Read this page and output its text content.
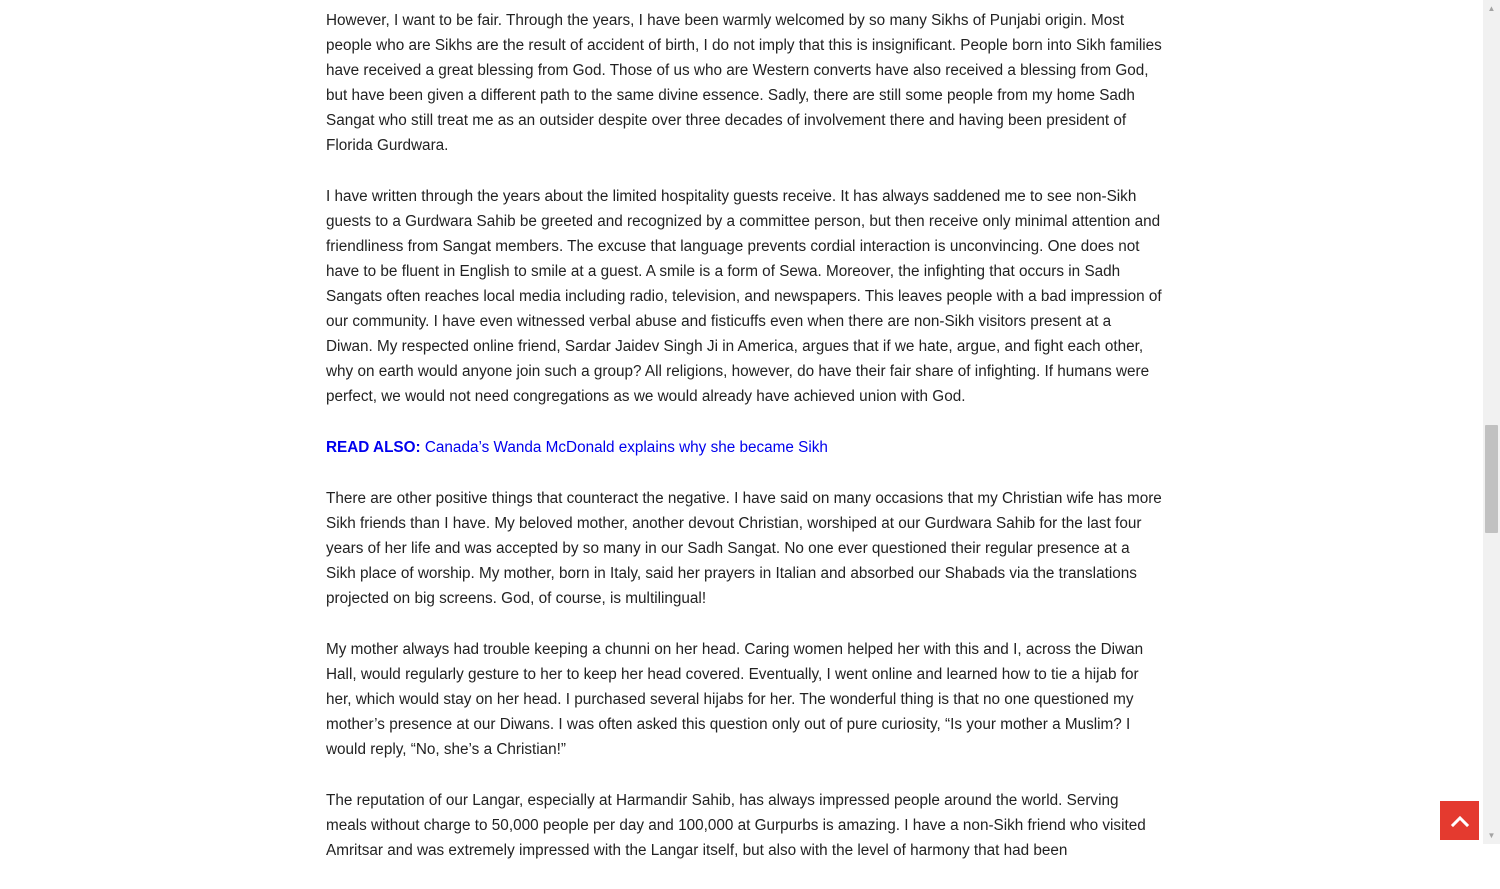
However, I want to be fair. Through the years, I have been warmly welcomed by so many Sikhs of Punjabi origin. Most people who are Sikhs are the result of accident of birth, I do not imply that this is insignificant. People born into Sikh families have received a great blessing from God. Those of us who are Western converts have also received a blessing from God, but have been given a different path to the same divine essence. Sadly, there are still some people from my home Sadh Sangat who still treat me as an outsider despite over three decades of involvement there and having been president of Florida Gurdwara.

I have written through the years about the limited hospitality guests receive. It has always saddened me to see non-Sikh guests to a Gurdwara Sahib be greeted and recognized by a committee person, but then receive only minimal attention and friendliness from Sangat members. The excuse that language prevents cordial interaction is unconvincing. One does not have to be fluent in English to smile at a guest. A smile is a form of Sewa. Moreover, the infighting that occurs in Sadh Sangats often reaches local media including radio, television, and newspapers. This leaves people with a bad impression of our community. I have even witnessed verbal abuse and fisticuffs even when there are non-Sikh visitors present at a Diwan. My respected online friend, Sardar Jaidev Singh Ji in America, argues that if we hate, argue, and fight each other, why on earth would anyone join such a group? All religions, however, do have their fair share of infighting. If humans were perfect, we would not need congregations as we would already have achieved union with God.

READ ALSO: Canada’s Wanda McDonald explains why she became Sikh

There are other positive things that counteract the negative. I have said on many occasions that my Christian wife has more Sikh friends than I have. My beloved mother, another devout Christian, worshiped at our Gurdwara Sahib for the last four years of her life and was accepted by so many in our Sadh Sangat. No one ever questioned their regular presence at a Sikh place of worship. My mother, born in Italy, said her prayers in Italian and absorbed our Shabads via the translations projected on big screens. God, of course, is multilingual!

My mother always had trouble keeping a chunni on her head. Caring women helped her with this and I, across the Diwan Hall, would regularly gesture to her to keep her head covered. Eventually, I went online and learned how to tie a hijab for her, which would stay on her head. I purchased several hijabs for her. The wonderful thing is that no one questioned my mother’s presence at our Diwans. I was often asked this question only out of pure curiosity, “Is your mother a Muslim? I would reply, “No, she’s a Christian!”

The reputation of our Langar, especially at Harmandir Sahib, has always impressed people around the world. Serving meals without charge to 50,000 people per day and 100,000 at Gurpurbs is amazing. I have a non-Sikh friend who visited Amritsar and was extremely impressed with the Langar itself, but also with the level of harmony that had been

▲
▼
